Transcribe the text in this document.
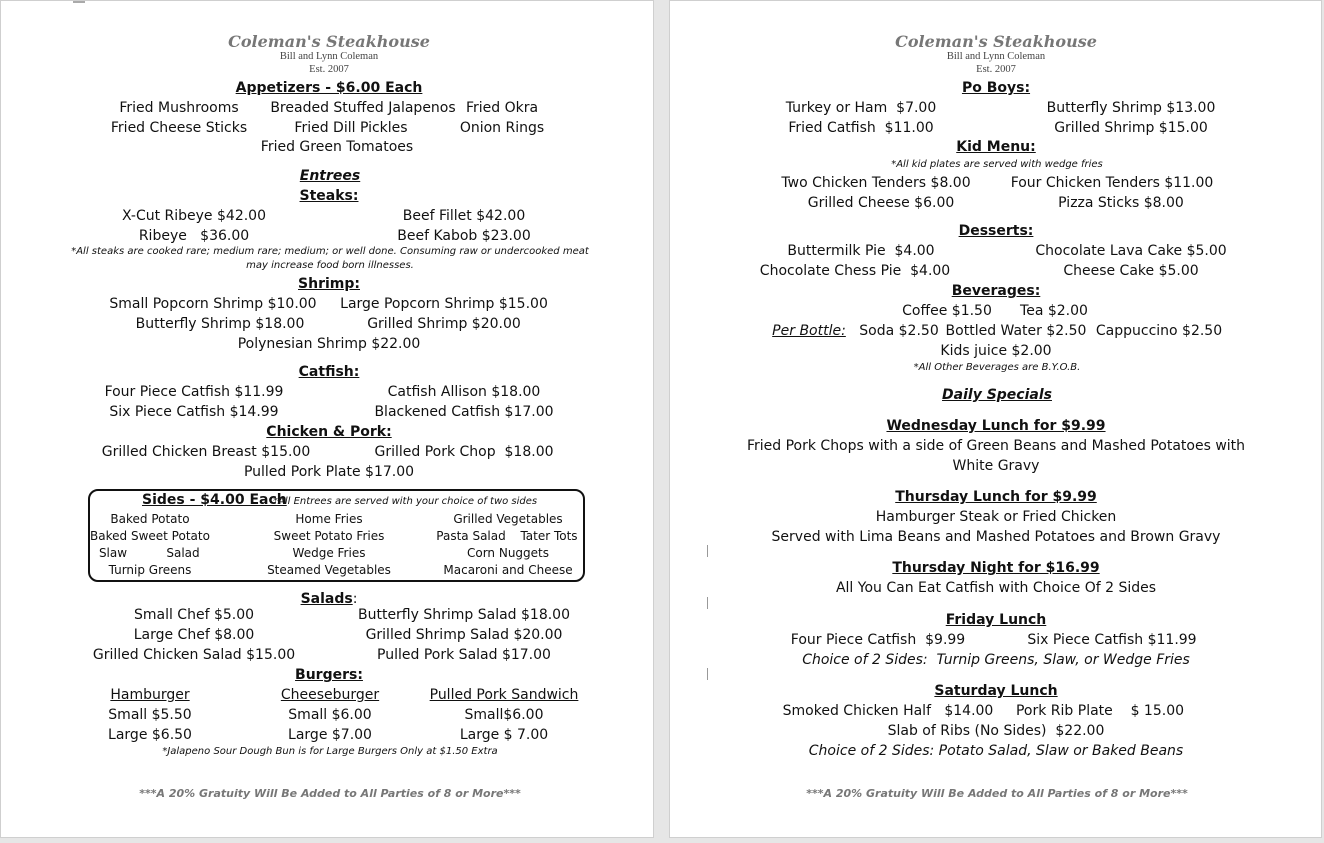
Coleman's Steakhouse
Bill and Lynn Coleman
Est. 2007
Appetizers - $6.00 Each
Fried Mushrooms Breaded Stuffed Jalapenos Fried Okra
Fried Cheese Sticks	Fried Dill Pickles	Onion Rings
Fried Green Tomatoes
Entrees
Steaks:
X-Cut Ribeye $42.00	Beef Fillet $42.00
Ribeye   $36.00	Beef Kabob $23.00
*All steaks are cooked rare; medium rare; medium; or well done. Consuming raw or undercooked meat
may increase food born illnesses.
Shrimp:
Small Popcorn Shrimp $10.00 Large Popcorn Shrimp $15.00
Butterfly Shrimp $18.00	Grilled Shrimp $20.00
Polynesian Shrimp $22.00
Catfish:
Four Piece Catfish $11.99	Catfish Allison $18.00
Six Piece Catfish $14.99	Blackened Catfish $17.00
Chicken & Pork:
Grilled Chicken Breast $15.00	Grilled Pork Chop  $18.00
Pulled Pork Plate $17.00
Sides - $4.00 Each
*All Entrees are served with your choice of two sides
Baked Potato	Home Fries	Grilled Vegetables
Baked Sweet Potato	Sweet Potato Fries	Pasta Salad Tater Tots
Slaw	Salad	Wedge Fries	Corn Nuggets
Turnip Greens	Steamed Vegetables	Macaroni and Cheese
Salads:
Small Chef $5.00	Butterfly Shrimp Salad $18.00
Large Chef $8.00	Grilled Shrimp Salad $20.00
Grilled Chicken Salad $15.00	Pulled Pork Salad $17.00
Burgers:
Hamburger	Cheeseburger	Pulled Pork Sandwich
Small $5.50	Small $6.00	Small$6.00
Large $6.50	Large $7.00	Large $ 7.00
*Jalapeno Sour Dough Bun is for Large Burgers Only at $1.50 Extra
***A 20% Gratuity Will Be Added to All Parties of 8 or More***
Coleman's Steakhouse
Bill and Lynn Coleman
Est. 2007
Po Boys:
Turkey or Ham  $7.00	Butterfly Shrimp $13.00
Fried Catfish  $11.00	Grilled Shrimp $15.00
Kid Menu:
*All kid plates are served with wedge fries
Two Chicken Tenders $8.00	Four Chicken Tenders $11.00
Grilled Cheese $6.00	Pizza Sticks $8.00
Desserts:
Buttermilk Pie  $4.00	Chocolate Lava Cake $5.00
Chocolate Chess Pie  $4.00	Cheese Cake $5.00
Beverages:
Coffee $1.50 Tea $2.00
Per Bottle: Soda $2.50 Bottled Water $2.50 Cappuccino $2.50
Kids juice $2.00
*All Other Beverages are B.Y.O.B.
Daily Specials
Wednesday Lunch for $9.99
Fried Pork Chops with a side of Green Beans and Mashed Potatoes with
White Gravy
Thursday Lunch for $9.99
Hamburger Steak or Fried Chicken
Served with Lima Beans and Mashed Potatoes and Brown Gravy
Thursday Night for $16.99
All You Can Eat Catfish with Choice Of 2 Sides
Friday Lunch
Four Piece Catfish  $9.99	Six Piece Catfish $11.99
Choice of 2 Sides:  Turnip Greens, Slaw, or Wedge Fries
Saturday Lunch
Smoked Chicken Half   $14.00 Pork Rib Plate    $ 15.00
Slab of Ribs (No Sides)  $22.00
Choice of 2 Sides: Potato Salad, Slaw or Baked Beans
***A 20% Gratuity Will Be Added to All Parties of 8 or More***
